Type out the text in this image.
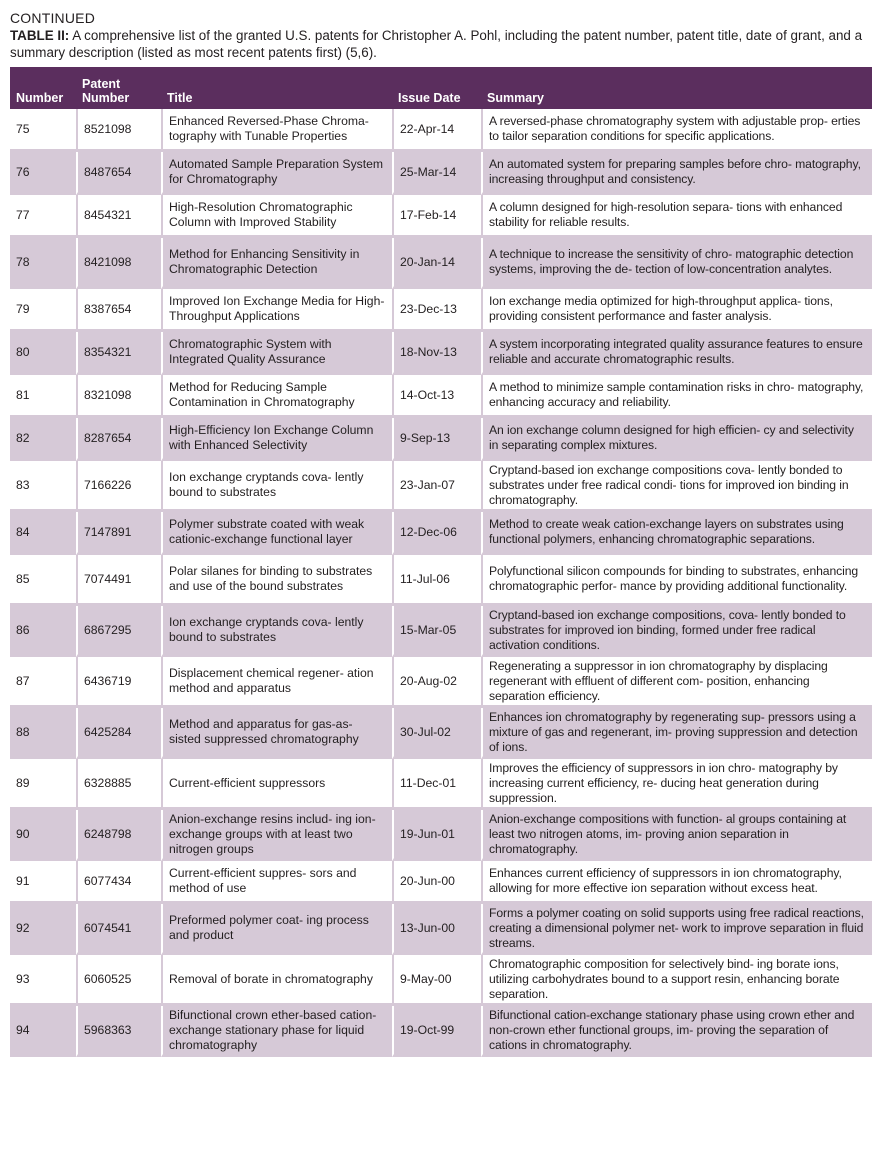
CONTINUED
TABLE II: A comprehensive list of the granted U.S. patents for Christopher A. Pohl, including the patent number, patent title, date of grant, and a summary description (listed as most recent patents first) (5,6).
Number	Patent Number	Title	Issue Date	Summary
75	8521098	Enhanced Reversed-Phase Chroma- tography with Tunable Properties	22-Apr-14	A reversed-phase chromatography system with adjustable prop- erties to tailor separation conditions for specific applications.
76	8487654	Automated Sample Preparation System for Chromatography	25-Mar-14	An automated system for preparing samples before chro- matography, increasing throughput and consistency.
77	8454321	High-Resolution Chromatographic Column with Improved Stability	17-Feb-14	A column designed for high-resolution separa- tions with enhanced stability for reliable results.
78	8421098	Method for Enhancing Sensitivity in Chromatographic Detection	20-Jan-14	A technique to increase the sensitivity of chro- matographic detection systems, improving the de- tection of low-concentration analytes.
79	8387654	Improved Ion Exchange Media for High-Throughput Applications	23-Dec-13	Ion exchange media optimized for high-throughput applica- tions, providing consistent performance and faster analysis.
80	8354321	Chromatographic System with Integrated Quality Assurance	18-Nov-13	A system incorporating integrated quality assurance features to ensure reliable and accurate chromatographic results.
81	8321098	Method for Reducing Sample Contamination in Chromatography	14-Oct-13	A method to minimize sample contamination risks in chro- matography, enhancing accuracy and reliability.
82	8287654	High-Efficiency Ion Exchange Column with Enhanced Selectivity	9-Sep-13	An ion exchange column designed for high efficien- cy and selectivity in separating complex mixtures.
83	7166226	Ion exchange cryptands cova- lently bound to substrates	23-Jan-07	Cryptand-based ion exchange compositions cova- lently bonded to substrates under free radical condi- tions for improved ion binding in chromatography.
84	7147891	Polymer substrate coated with weak cationic-exchange functional layer	12-Dec-06	Method to create weak cation-exchange layers on substrates using functional polymers, enhancing chromatographic separations.
85	7074491	Polar silanes for binding to substrates and use of the bound substrates	11-Jul-06	Polyfunctional silicon compounds for binding to substrates, enhancing chromatographic perfor- mance by providing additional functionality.
86	6867295	Ion exchange cryptands cova- lently bound to substrates	15-Mar-05	Cryptand-based ion exchange compositions, cova- lently bonded to substrates for improved ion binding, formed under free radical activation conditions.
87	6436719	Displacement chemical regener- ation method and apparatus	20-Aug-02	Regenerating a suppressor in ion chromatography by displacing regenerant with effluent of different com- position, enhancing separation efficiency.
88	6425284	Method and apparatus for gas-as- sisted suppressed chromatography	30-Jul-02	Enhances ion chromatography by regenerating sup- pressors using a mixture of gas and regenerant, im- proving suppression and detection of ions.
89	6328885	Current-efficient suppressors	11-Dec-01	Improves the efficiency of suppressors in ion chro- matography by increasing current efficiency, re- ducing heat generation during suppression.
90	6248798	Anion-exchange resins includ- ing ion-exchange groups with at least two nitrogen groups	19-Jun-01	Anion-exchange compositions with function- al groups containing at least two nitrogen atoms, im- proving anion separation in chromatography.
91	6077434	Current-efficient suppres- sors and method of use	20-Jun-00	Enhances current efficiency of suppressors in ion chromatography, allowing for more effective ion separation without excess heat.
92	6074541	Preformed polymer coat- ing process and product	13-Jun-00	Forms a polymer coating on solid supports using free radical reactions, creating a dimensional polymer net- work to improve separation in fluid streams.
93	6060525	Removal of borate in chromatography	9-May-00	Chromatographic composition for selectively bind- ing borate ions, utilizing carbohydrates bound to a support resin, enhancing borate separation.
94	5968363	Bifunctional crown ether-based cation-exchange stationary phase for liquid chromatography	19-Oct-99	Bifunctional cation-exchange stationary phase using crown ether and non-crown ether functional groups, im- proving the separation of cations in chromatography.
